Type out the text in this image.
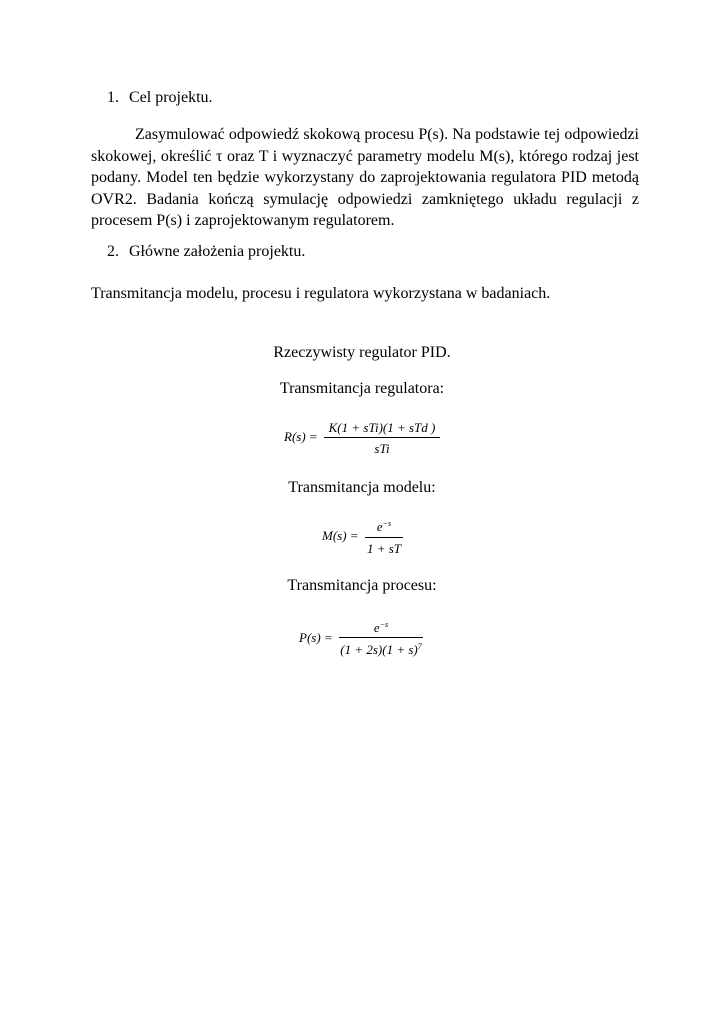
1. Cel projektu.
Zasymulować odpowiedź skokową procesu P(s). Na podstawie tej odpowiedzi skokowej, określić τ oraz T i wyznaczyć parametry modelu M(s), którego rodzaj jest podany. Model ten będzie wykorzystany do zaprojektowania regulatora PID metodą OVR2. Badania kończą symulację odpowiedzi zamkniętego układu regulacji z procesem P(s) i zaprojektowanym regulatorem.
2. Główne założenia projektu.
Transmitancja modelu, procesu i regulatora wykorzystana w badaniach.
Rzeczywisty regulator PID.
Transmitancja regulatora:
R(s) =
K(1 + sTi)(1 + sTd )
sTi
Transmitancja modelu:
M(s) =
$e^{-s}$
1 + sT
Transmitancja procesu:
P(s) =
$e^{-s}$
$(1 + 2s)(1 + s)^7$
